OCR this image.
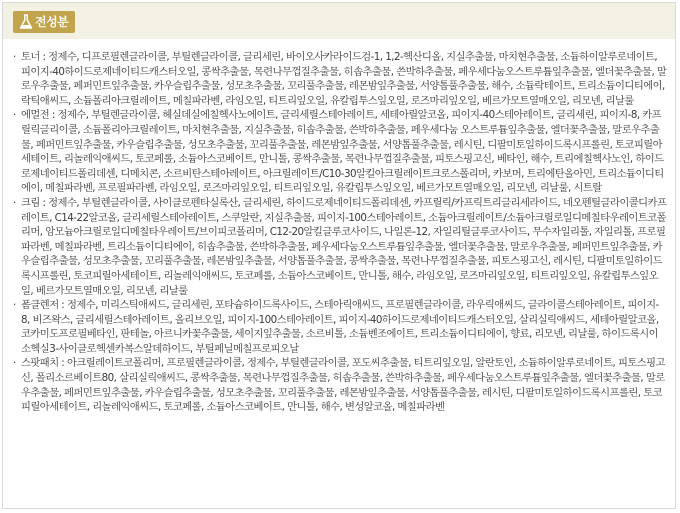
전성분

· 토너 : 정제수, 디프로필렌글라이콜, 부틸렌글라이콜, 글리세린, 바이오사카라이드검-1, 1,2-헥산디올, 지실추출물, 마치현추출물, 소듐하이알루로네이트, 피이지-40하이드로제네이티드캐스터오일, 콩싹추출물, 목련나무껍질추출물, 히솝추출물, 쓴박하추출물, 페우세다눔오스트루튬잎추출물, 엘더꽃추출물, 말로우추출물, 페퍼민트잎추출물, 카우슬립추출물, 성모초추출물, 꼬리풀추출물, 레몬밤잎추출물, 서양톱풀추출물, 해수, 소듐락테이트, 트리소듐이디티에이, 락틱애씨드, 소듐폴리아크릴레이트, 메칠파라벤, 라임오일, 티트리잎오일, 유칼립투스잎오일, 로즈마리잎오일, 베르가모트열매오일, 리모넨, 리날룰

· 에멀전 : 정제수, 부틸렌글라이콜, 헤실데실에칠헥사노에이트, 글리세릴스테아레이트, 세테아릴알코올, 피이지-40스테아레이트, 글리세린, 피이지-8, 카프릴릭글리이콜, 소듐폴리아크릴레이트, 마치현추출물, 지실추출물, 히솝추출물, 쓴박하추출물, 페우세다눔 오스트루튬잎추출물, 엘더꽃추출물, 말로우추출물, 페퍼민트잎추출물, 카우슬립추출물, 성모초추출물, 꼬리풀추출물, 레몬밤잎추출물, 서양톱풀추출물, 레시틴, 디팔미토일하이드록시프롤린, 토코피릴아세테이트, 리놀레익애씨드, 토코페롤, 소듐아스코베이트, 만니톨, 콩싹추출물, 목련나무껍질추출물, 피토스핑고신, 베타인, 해수, 트리에칠헥사노인, 하이드로제네이티드폴리데센, 디메치콘, 소르비탄스테아레이트, 아크릴레이트/C10-30알킬아크릴레이트크로스폴리머, 카보머, 트리에탄올아민, 트리소듐이디티에이, 메칠파라벤, 프로필파라벤, 라임오일, 로즈마리잎오일, 티트리잎오일, 유칼립투스잎오일, 베르가모트열매오일, 리모넨, 리날룰, 시트랄

· 크림 : 정제수, 부틸렌글라이콜, 사이클로펜타실록산, 글리세린, 하이드로제네이티드폴리데센, 카프릴릭/카프릭트리글리세라이드, 네오펜틸글라이콜디카프레이트, C14-22알코올, 글리세릴스테아레이트, 스쿠알란, 지실추출물, 피이지-100스테아레이트, 소듐아크릴레이트/소듐아크릴로일디메칠타우레이트코폴리머, 암모늄아크릴로일디메칠타우레이트/브이피코폴리머, C12-20알킬글루코사이드, 나일론-12, 자일리틸글루코사이드, 무수자일리톨, 자일리톨, 프로필파라벤, 메칠파라벤, 트리소듐이디티에이, 히솝추출물, 쓴박하추출물, 페우세다눔오스트루튬잎추출물, 엘더꽃추출물, 말로우추출물, 페퍼민트잎추출물, 카우슬립추출물, 성모초추출물, 꼬리풀추출물, 레몬밤잎추출물, 서양톱풀추출물, 콩싹추출물, 목련나무껍질추출물, 피토스핑고신, 레시틴, 디팔미토일하이드록시프롤린, 토코피릴아세테이트, 리놀레익애씨드, 토코페롤, 소듐아스코베이트, 만니톨, 해수, 라임오일, 로즈마리잎오일, 티트리잎오일, 유칼립투스잎오일, 베르가모트열매오일, 리모넨, 리날룰

· 폼클렌저 : 정제수, 미리스틱애씨드, 글리세린, 포타슘하이드록사이드, 스테아릭애씨드, 프로필렌글라이콜, 라우릭애씨드, 글라이콜스테아레이트, 피이지-8, 비즈왁스, 글리세릴스테아레이트, 올리브오일, 피이지-100스테아레이트, 피이지-40하이드로제네이티드캐스터오일, 살리실릭애씨드, 세테아릴알코올, 코카미도프로필베타인, 판테놀, 아르니카꽃추출물, 세이지잎추출물, 소르비톨, 소듐벤조에이트, 트리소듐이디티에이, 향료, 리모넨, 리날룰, 하이드록시이소헥실3-사이클로헥센카복스알데하이드, 부틸페닐메칠프로피오날

· 스팟패치 : 아크릴레이트코폴리머, 프로필렌글라이콜, 정제수, 부틸렌글라이콜, 포도씨추출물, 티트리잎오일, 알란토인, 소듐하이알루로네이트, 피토스핑고신, 폴리소르베이트80, 살리실릭애씨드, 콩싹추출물, 목련나무껍질추출물, 히솝추출물, 쓴박하추출물, 페우세다눔오스트루튬잎추출물, 엘더꽃추출물, 말로우추출물, 페퍼민트잎추출물, 카우슬립추출물, 성모초추출물, 꼬리풀추출물, 레몬밤잎추출물, 서양톱풀추출물, 레시틴, 디팔미토일하이드록시프롤린, 토코피릴아세테이트, 리놀레익애씨드, 토코페롤, 소듐아스코베이트, 만니톨, 해수, 변성알코올, 메칠파라벤
